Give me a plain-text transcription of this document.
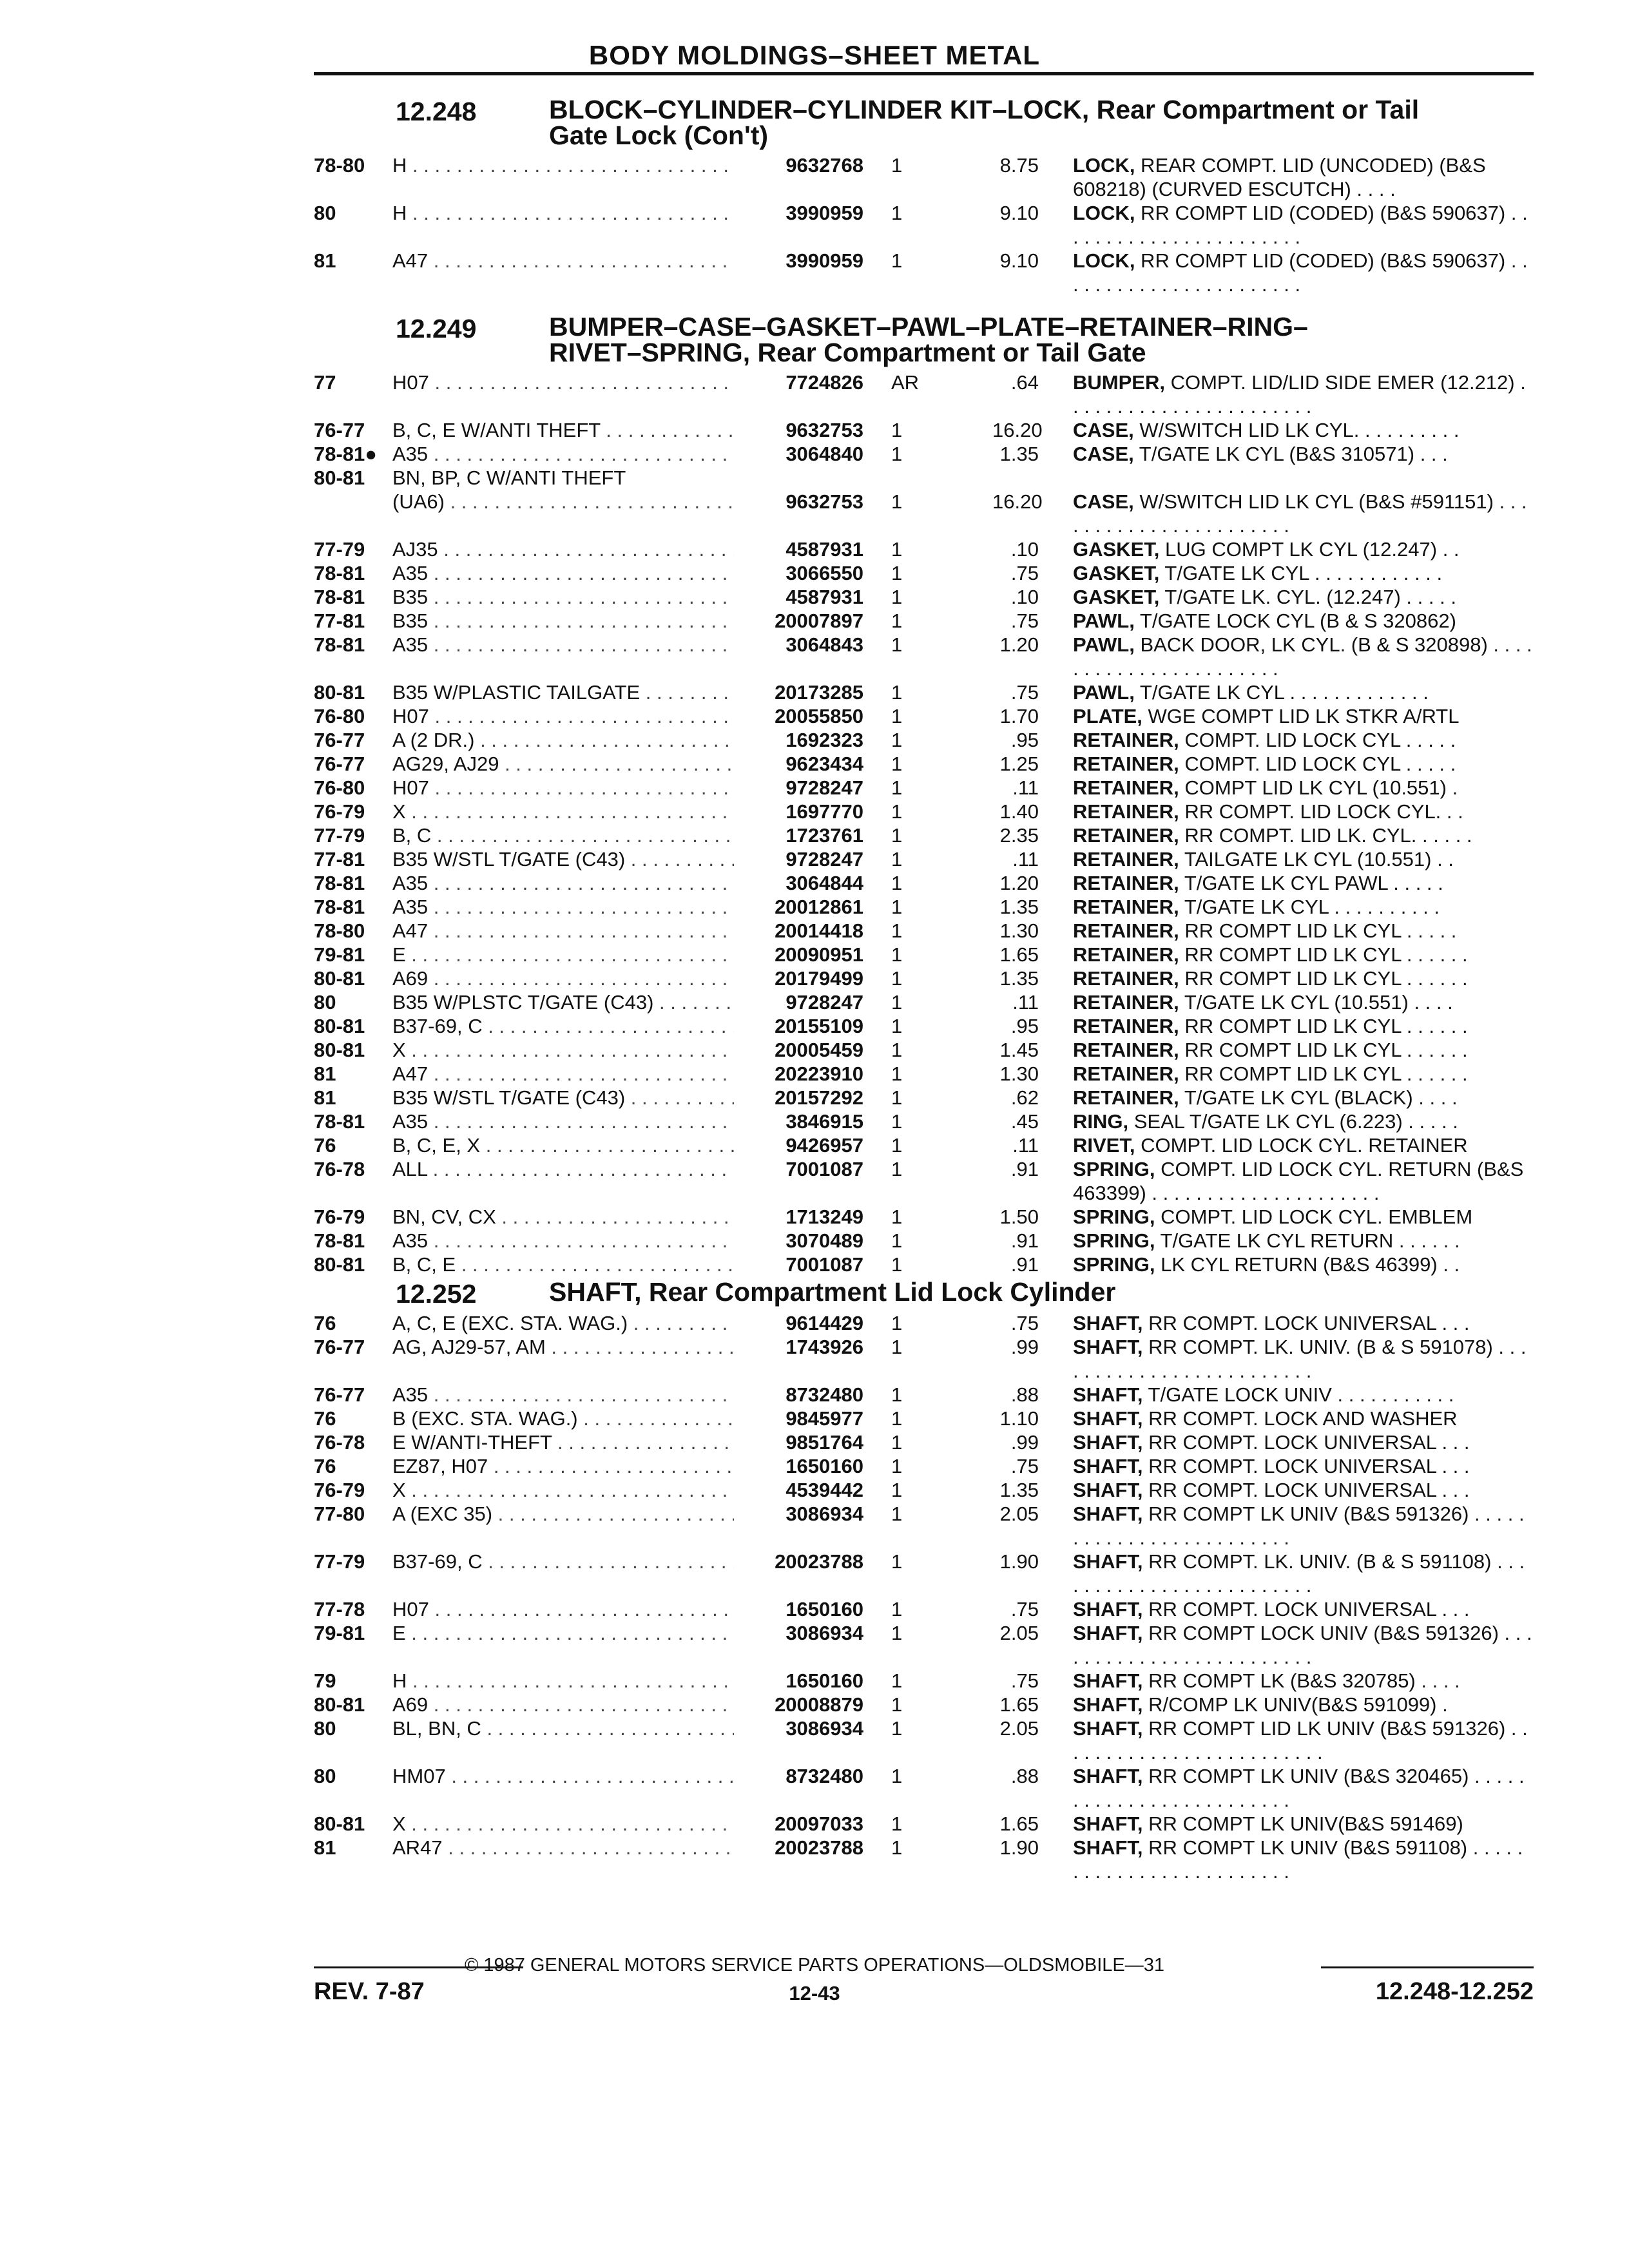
BODY MOLDINGS–SHEET METAL
12.248	BLOCK–CYLINDER–CYLINDER KIT–LOCK, Rear Compartment or Tail
Gate Lock (Con't)
78-80 H . . .	9632768 1	8.75 LOCK, REAR COMPT. LID (UNCODED) (B&S 608218) (CURVED ESCUTCH) . . . .
80	H . . .	3990959 1	9.10 LOCK, RR COMPT LID (CODED) (B&S 590637) . . . . . . . . . . . . . . . . . . . . . . .
81	A47 . . .	3990959 1	9.10 LOCK, RR COMPT LID (CODED) (B&S 590637) . . . . . . . . . . . . . . . . . . . . . . .
12.249	BUMPER–CASE–GASKET–PAWL–PLATE–RETAINER–RING–
RIVET–SPRING, Rear Compartment or Tail Gate
77	H07 . . .	7724826 AR	.64 BUMPER, COMPT. LID/LID SIDE EMER (12.212) . . . . . . . . . . . . . . . . . . . . . . .
76-77 B, C, E W/ANTI THEFT . . .	9632753 1	16.20 CASE, W/SWITCH LID LK CYL. . . . . . . . . .
78-81● A35 . . .	3064840 1	1.35 CASE, T/GATE LK CYL (B&S 310571) . . .
80-81 BN, BP, C W/ANTI THEFT
(UA6) . . .	9632753 1	16.20 CASE, W/SWITCH LID LK CYL (B&S #591151) . . . . . . . . . . . . . . . . . . . . . . .
77-79 AJ35 . . .	4587931 1	.10 GASKET, LUG COMPT LK CYL (12.247) . .
78-81 A35 . . .	3066550 1	.75 GASKET, T/GATE LK CYL . . . . . . . . . . . .
78-81 B35 . . .	4587931 1	.10 GASKET, T/GATE LK. CYL. (12.247) . . . . .
77-81 B35 . . .	20007897 1	.75 PAWL, T/GATE LOCK CYL (B & S 320862)
78-81 A35 . . .	3064843 1	1.20 PAWL, BACK DOOR, LK CYL. (B & S 320898) . . . . . . . . . . . . . . . . . . . . . . .
80-81 B35 W/PLASTIC TAILGATE . . .	20173285 1	.75 PAWL, T/GATE LK CYL . . . . . . . . . . . . .
76-80 H07 . . .	20055850 1	1.70 PLATE, WGE COMPT LID LK STKR A/RTL
76-77 A (2 DR.) . . .	1692323 1	.95 RETAINER, COMPT. LID LOCK CYL . . . . .
76-77 AG29, AJ29 . . .	9623434 1	1.25 RETAINER, COMPT. LID LOCK CYL . . . . .
76-80 H07 . . .	9728247 1	.11 RETAINER, COMPT LID LK CYL (10.551) .
76-79 X . . .	1697770 1	1.40 RETAINER, RR COMPT. LID LOCK CYL. . .
77-79 B, C . . .	1723761 1	2.35 RETAINER, RR COMPT. LID LK. CYL. . . . . .
77-81 B35 W/STL T/GATE (C43) . . .	9728247 1	.11 RETAINER, TAILGATE LK CYL (10.551) . .
78-81 A35 . . .	3064844 1	1.20 RETAINER, T/GATE LK CYL PAWL . . . . .
78-81 A35 . . .	20012861 1	1.35 RETAINER, T/GATE LK CYL . . . . . . . . . .
78-80 A47 . . .	20014418 1	1.30 RETAINER, RR COMPT LID LK CYL . . . . .
79-81 E . . .	20090951 1	1.65 RETAINER, RR COMPT LID LK CYL . . . . . .
80-81 A69 . . .	20179499 1	1.35 RETAINER, RR COMPT LID LK CYL . . . . . .
80	B35 W/PLSTC T/GATE (C43) . . .	9728247 1	.11 RETAINER, T/GATE LK CYL (10.551) . . . .
80-81 B37-69, C . . .	20155109 1	.95 RETAINER, RR COMPT LID LK CYL . . . . . .
80-81 X . . .	20005459 1	1.45 RETAINER, RR COMPT LID LK CYL . . . . . .
81	A47 . . .	20223910 1	1.30 RETAINER, RR COMPT LID LK CYL . . . . . .
81	B35 W/STL T/GATE (C43) . . .	20157292 1	.62 RETAINER, T/GATE LK CYL (BLACK) . . . .
78-81 A35 . . .	3846915 1	.45 RING, SEAL T/GATE LK CYL (6.223) . . . . .
76	B, C, E, X . . .	9426957 1	.11 RIVET, COMPT. LID LOCK CYL. RETAINER
76-78 ALL . . .	7001087 1	.91 SPRING, COMPT. LID LOCK CYL. RETURN (B&S 463399) . . . . . . . . . . . . . . . . . . . . .
76-79 BN, CV, CX . . .	1713249 1	1.50 SPRING, COMPT. LID LOCK CYL. EMBLEM
78-81 A35 . . .	3070489 1	.91 SPRING, T/GATE LK CYL RETURN . . . . . .
80-81 B, C, E . . .	7001087 1	.91 SPRING, LK CYL RETURN (B&S 46399) . .
12.252	SHAFT, Rear Compartment Lid Lock Cylinder
76	A, C, E (EXC. STA. WAG.) . . .	9614429 1	.75 SHAFT, RR COMPT. LOCK UNIVERSAL . . .
76-77 AG, AJ29-57, AM . . .	1743926 1	.99 SHAFT, RR COMPT. LK. UNIV. (B & S 591078) . . . . . . . . . . . . . . . . . . . . . . . . .
76-77 A35 . . .	8732480 1	.88 SHAFT, T/GATE LOCK UNIV . . . . . . . . . . .
76	B (EXC. STA. WAG.) . . .	9845977 1	1.10 SHAFT, RR COMPT. LOCK AND WASHER
76-78 E W/ANTI-THEFT . . .	9851764 1	.99 SHAFT, RR COMPT. LOCK UNIVERSAL . . .
76	EZ87, H07 . . .	1650160 1	.75 SHAFT, RR COMPT. LOCK UNIVERSAL . . .
76-79 X . . .	4539442 1	1.35 SHAFT, RR COMPT. LOCK UNIVERSAL . . .
77-80 A (EXC 35) . . .	3086934 1	2.05 SHAFT, RR COMPT LK UNIV (B&S 591326) . . . . . . . . . . . . . . . . . . . . . . . . .
77-79 B37-69, C . . .	20023788 1	1.90 SHAFT, RR COMPT. LK. UNIV. (B & S 591108) . . . . . . . . . . . . . . . . . . . . . . . . .
77-78 H07 . . .	1650160 1	.75 SHAFT, RR COMPT. LOCK UNIVERSAL . . .
79-81 E . . .	3086934 1	2.05 SHAFT, RR COMPT LOCK UNIV (B&S 591326) . . . . . . . . . . . . . . . . . . . . . . . . .
79	H . . .	1650160 1	.75 SHAFT, RR COMPT LK (B&S 320785) . . . .
80-81 A69 . . .	20008879 1	1.65 SHAFT, R/COMP LK UNIV(B&S 591099) .
80	BL, BN, C . . .	3086934 1	2.05 SHAFT, RR COMPT LID LK UNIV (B&S 591326) . . . . . . . . . . . . . . . . . . . . . . . . .
80	HM07 . . .	8732480 1	.88 SHAFT, RR COMPT LK UNIV (B&S 320465) . . . . . . . . . . . . . . . . . . . . . . . . .
80-81 X . . .	20097033 1	1.65 SHAFT, RR COMPT LK UNIV(B&S 591469)
81	AR47 . . .	20023788 1	1.90 SHAFT, RR COMPT LK UNIV (B&S 591108) . . . . . . . . . . . . . . . . . . . . . . . . .
© 1987 GENERAL MOTORS SERVICE PARTS OPERATIONS—OLDSMOBILE—31
REV. 7-87	12-43	12.248-12.252
